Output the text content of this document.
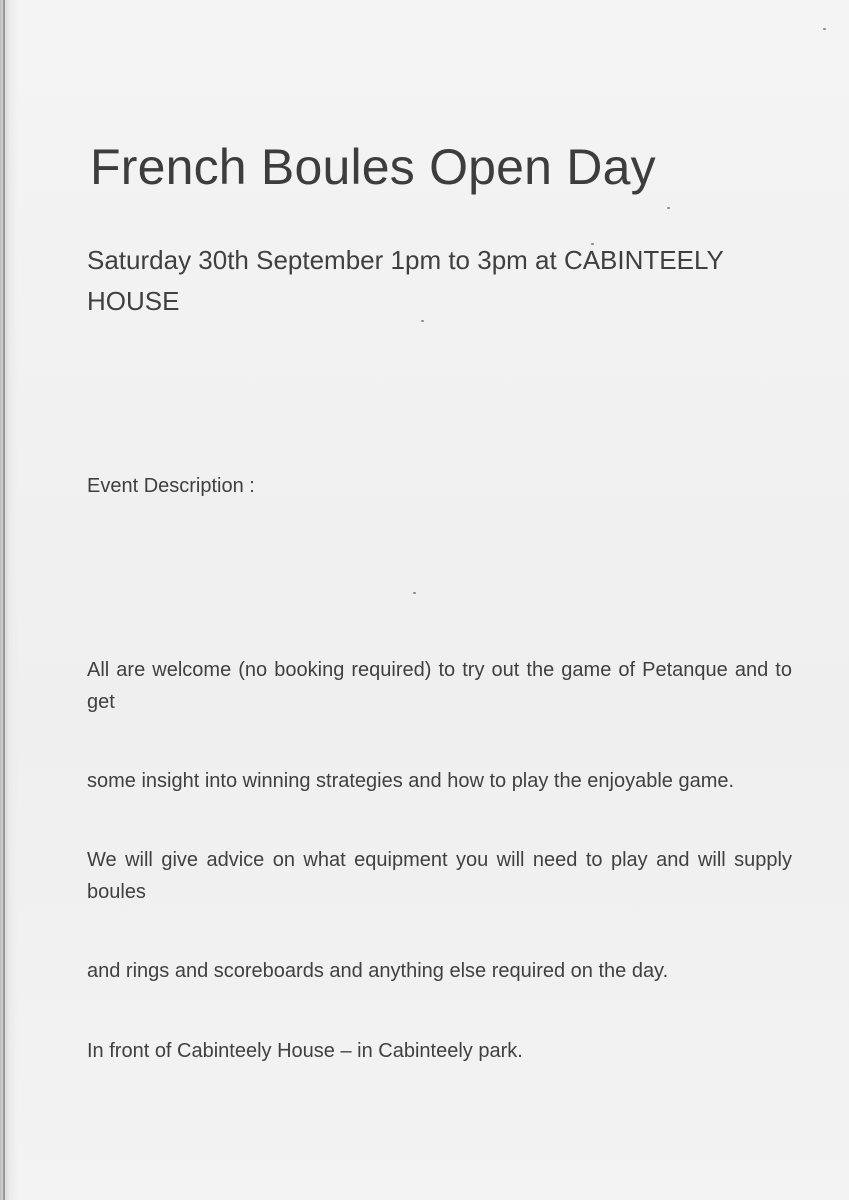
French Boules Open Day

Saturday 30th September 1pm to 3pm at CABINTEELY HOUSE

Event Description :

All are welcome (no booking required) to try out the game of Petanque and to get

some insight into winning strategies and how to play the enjoyable game.

We will give advice on what equipment you will need to play and will supply boules

and rings and scoreboards and anything else required on the day.

In front of Cabinteely House – in Cabinteely park.
